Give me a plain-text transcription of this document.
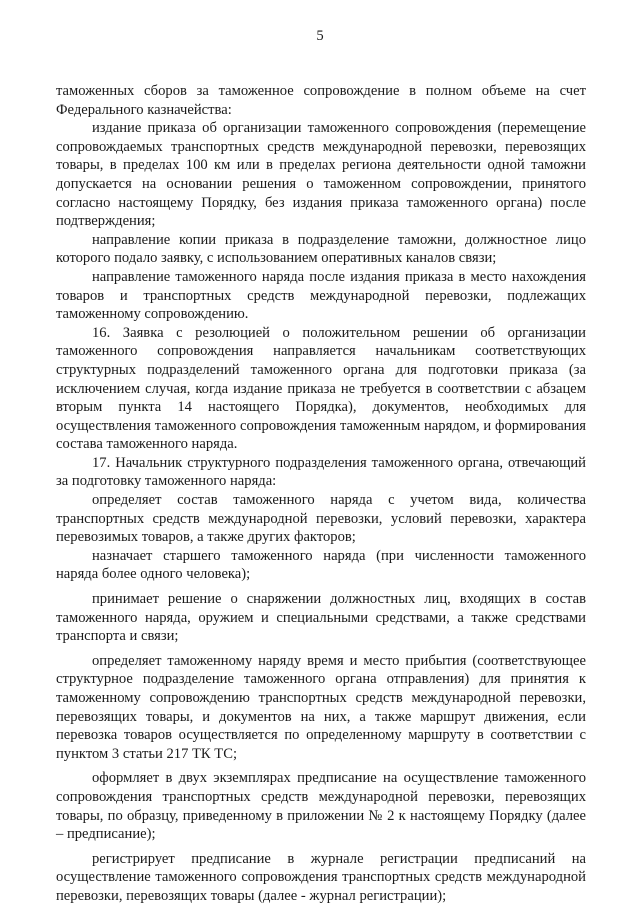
5

таможенных сборов за таможенное сопровождение в полном объеме на счет Федерального казначейства:

издание приказа об организации таможенного сопровождения (перемещение сопровождаемых транспортных средств международной перевозки, перевозящих товары, в пределах 100 км или в пределах региона деятельности одной таможни допускается на основании решения о таможенном сопровождении, принятого согласно настоящему Порядку, без издания приказа таможенного органа) после подтверждения;

направление копии приказа в подразделение таможни, должностное лицо которого подало заявку, с использованием оперативных каналов связи;

направление таможенного наряда после издания приказа в место нахождения товаров и транспортных средств международной перевозки, подлежащих таможенному сопровождению.

16. Заявка с резолюцией о положительном решении об организации таможенного сопровождения направляется начальникам соответствующих структурных подразделений таможенного органа для подготовки приказа (за исключением случая, когда издание приказа не требуется в соответствии с абзацем вторым пункта 14 настоящего Порядка), документов, необходимых для осуществления таможенного сопровождения таможенным нарядом, и формирования состава таможенного наряда.

17. Начальник структурного подразделения таможенного органа, отвечающий за подготовку таможенного наряда:

определяет состав таможенного наряда с учетом вида, количества транспортных средств международной перевозки, условий перевозки, характера перевозимых товаров, а также других факторов;

назначает старшего таможенного наряда (при численности таможенного наряда более одного человека);

принимает решение о снаряжении должностных лиц, входящих в состав таможенного наряда, оружием и специальными средствами, а также средствами транспорта и связи;

определяет таможенному наряду время и место прибытия (соответствующее структурное подразделение таможенного органа отправления) для принятия к таможенному сопровождению транспортных средств международной перевозки, перевозящих товары, и документов на них, а также маршрут движения, если перевозка товаров осуществляется по определенному маршруту в соответствии с пунктом 3 статьи 217 ТК ТС;

оформляет в двух экземплярах предписание на осуществление таможенного сопровождения транспортных средств международной перевозки, перевозящих товары, по образцу, приведенному в приложении № 2 к настоящему Порядку (далее – предписание);

регистрирует предписание в журнале регистрации предписаний на осуществление таможенного сопровождения транспортных средств международной перевозки, перевозящих товары (далее - журнал регистрации);
